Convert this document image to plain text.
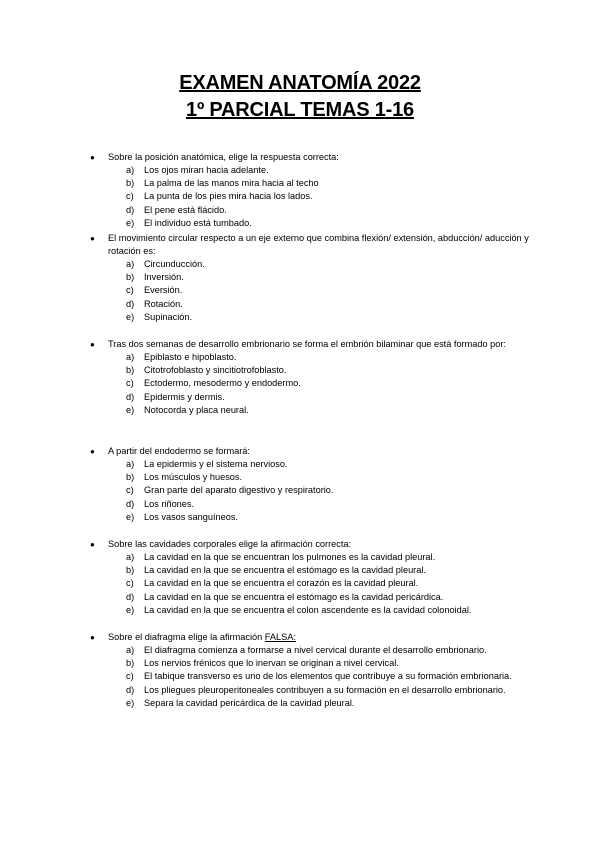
EXAMEN ANATOMÍA 2022
1º PARCIAL TEMAS 1-16
● Sobre la posición anatómica, elige la respuesta correcta:
a) Los ojos miran hacia adelante.
b) La palma de las manos mira hacia al techo
c) La punta de los pies mira hacia los lados.
d) El pene está flácido.
e) El individuo está tumbado.
● El movimiento circular respecto a un eje externo que combina flexión/ extensión, abducción/ aducción y rotación es:
a) Circunducción.
b) Inversión.
c) Eversión.
d) Rotación.
e) Supinación.
● Tras dos semanas de desarrollo embrionario se forma el embrión bilaminar que está formado por:
a) Epiblasto e hipoblasto.
b) Citotrofoblasto y sincitiotrofoblasto.
c) Ectodermo, mesodermo y endodermo.
d) Epidermis y dermis.
e) Notocorda y placa neural.
● A partir del endodermo se formará:
a) La epidermis y el sistema nervioso.
b) Los músculos y huesos.
c) Gran parte del aparato digestivo y respiratorio.
d) Los riñones.
e) Los vasos sanguíneos.
● Sobre las cavidades corporales elige la afirmación correcta:
a) La cavidad en la que se encuentran los pulmones es la cavidad pleural.
b) La cavidad en la que se encuentra el estómago es la cavidad pleural.
c) La cavidad en la que se encuentra el corazón es la cavidad pleural.
d) La cavidad en la que se encuentra el estómago es la cavidad pericárdica.
e) La cavidad en la que se encuentra el colon ascendente es la cavidad colonoidal.
● Sobre el diafragma elige la afirmación FALSA:
a) El diafragma comienza a formarse a nivel cervical durante el desarrollo embrionario.
b) Los nervios frénicos que lo inervan se originan a nivel cervical.
c) El tabique transverso es uno de los elementos que contribuye a su formación embrionaria.
d) Los pliegues pleuroperitoneales contribuyen a su formación en el desarrollo embrionario.
e) Separa la cavidad pericárdica de la cavidad pleural.
